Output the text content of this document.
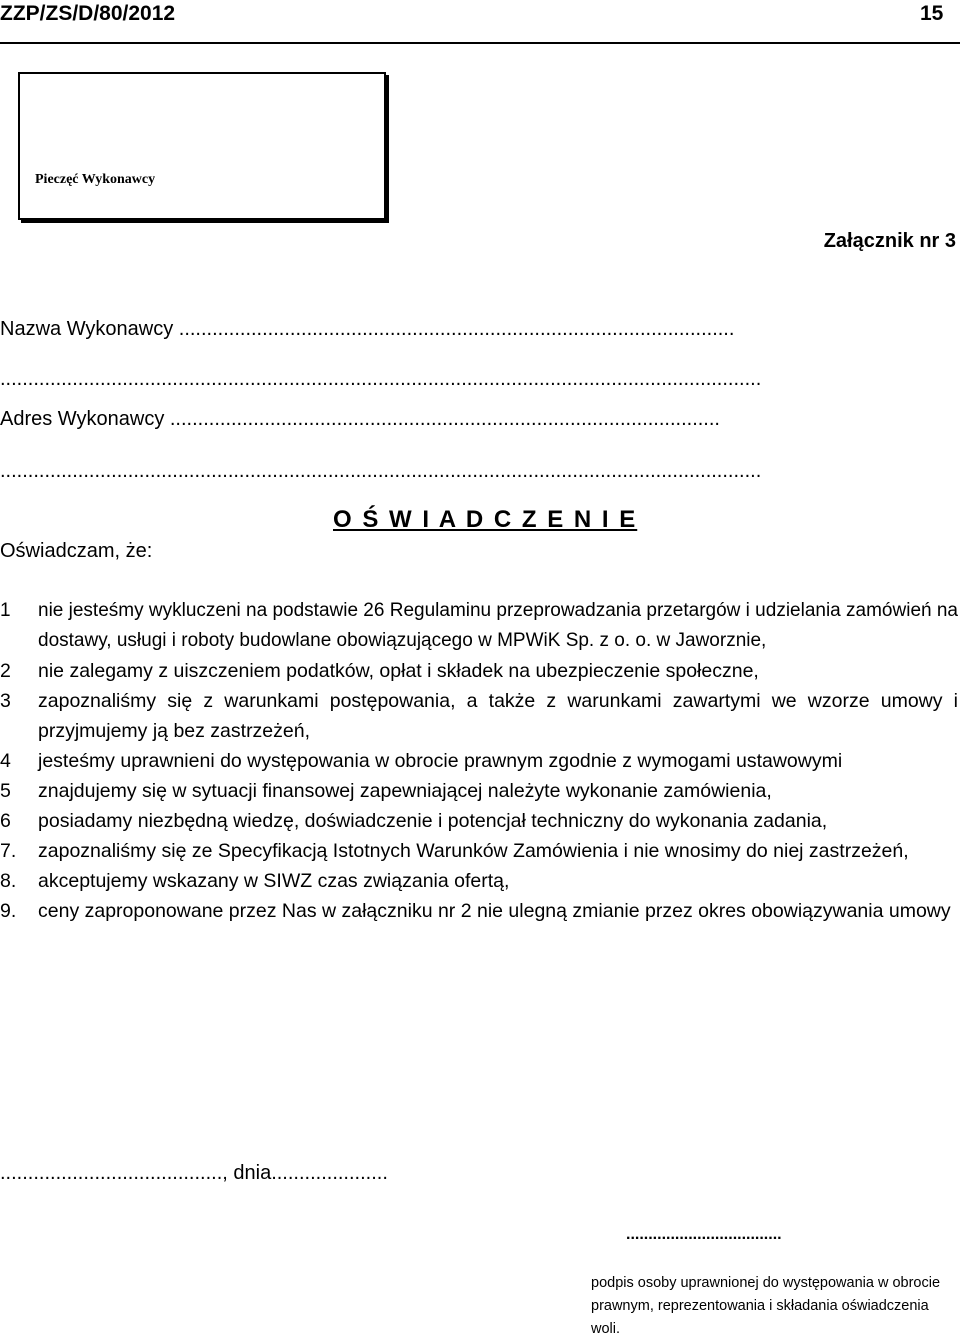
ZZP/ZS/D/80/2012	15
Pieczęć Wykonawcy
Załącznik nr 3
Nazwa Wykonawcy ....................................................................................................
.........................................................................................................................................
Adres Wykonawcy ...................................................................................................
.........................................................................................................................................
O Ś W I A D C Z E N I E
Oświadczam, że:
1	nie jesteśmy wykluczeni na podstawie 26 Regulaminu przeprowadzania przetargów i udzielania zamówień na dostawy, usługi i roboty budowlane obowiązującego w MPWiK Sp. z o. o. w Jaworznie,
2	nie zalegamy z uiszczeniem podatków, opłat i składek na ubezpieczenie społeczne,
3	zapoznaliśmy się z warunkami postępowania, a także z warunkami zawartymi we wzorze umowy i przyjmujemy ją bez zastrzeżeń,
4	jesteśmy uprawnieni do występowania w obrocie prawnym zgodnie z wymogami ustawowymi
5	znajdujemy się w sytuacji finansowej zapewniającej należyte wykonanie zamówienia,
6	posiadamy niezbędną wiedzę, doświadczenie i potencjał techniczny do wykonania zadania,
7.	zapoznaliśmy się ze Specyfikacją Istotnych Warunków Zamówienia i nie wnosimy do niej zastrzeżeń,
8.	akceptujemy wskazany w SIWZ czas związania ofertą,
9.	ceny zaproponowane przez Nas w załączniku nr 2 nie ulegną zmianie przez okres obowiązywania umowy
........................................, dnia.....................
...................................
podpis osoby uprawnionej do występowania w obrocie prawnym, reprezentowania i składania oświadczenia woli.
